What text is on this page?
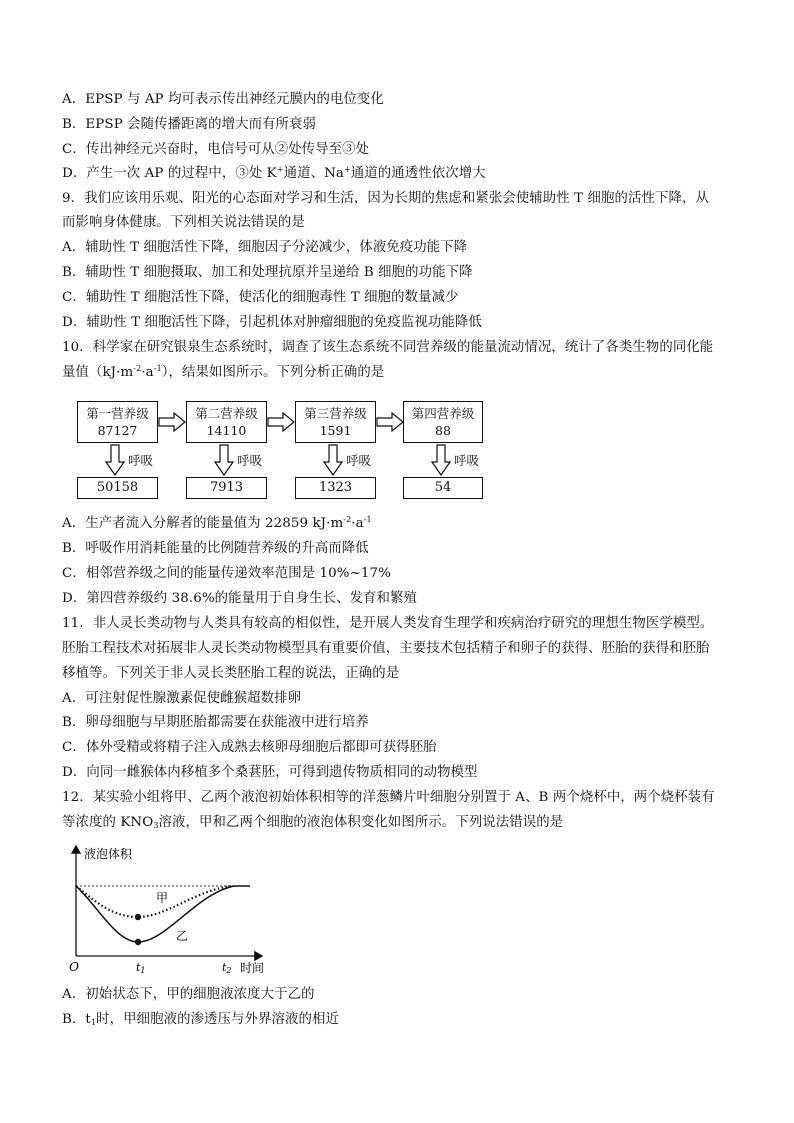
A．EPSP 与 AP 均可表示传出神经元膜内的电位变化
B．EPSP 会随传播距离的增大而有所衰弱
C．传出神经元兴奋时，电信号可从②处传导至③处
D．产生一次 AP 的过程中，③处 K+通道、Na+通道的通透性依次增大
9．我们应该用乐观、阳光的心态面对学习和生活，因为长期的焦虑和紧张会使辅助性 T 细胞的活性下降，从
而影响身体健康。下列相关说法错误的是
A．辅助性 T 细胞活性下降，细胞因子分泌减少，体液免疫功能下降
B．辅助性 T 细胞摄取、加工和处理抗原并呈递给 B 细胞的功能下降
C．辅助性 T 细胞活性下降，使活化的细胞毒性 T 细胞的数量减少
D．辅助性 T 细胞活性下降，引起机体对肿瘤细胞的免疫监视功能降低
10．科学家在研究银泉生态系统时，调查了该生态系统不同营养级的能量流动情况，统计了各类生物的同化能
量值$(kJ\cdot m^{-2}\cdot a^{-1})$，结果如图所示。下列分析正确的是
第一营养级
87127
第二营养级
14110
第三营养级
1591
第四营养级
88
呼吸	呼吸	呼吸	呼吸
50158	7913	1323	54
A．生产者流入分解者的能量值为 22859 $kJ\cdot m^{-2}\cdot a^{-1}$
B．呼吸作用消耗能量的比例随营养级的升高而降低
C．相邻营养级之间的能量传递效率范围是 10%~17%
D．第四营养级约 38.6%的能量用于自身生长、发育和繁殖
11．非人灵长类动物与人类具有较高的相似性，是开展人类发育生理学和疾病治疗研究的理想生物医学模型。
胚胎工程技术对拓展非人灵长类动物模型具有重要价值，主要技术包括精子和卵子的获得、胚胎的获得和胚胎
移植等。下列关于非人灵长类胚胎工程的说法，正确的是
A．可注射促性腺激素促使雌猴超数排卵
B．卵母细胞与早期胚胎都需要在获能液中进行培养
C．体外受精或将精子注入成熟去核卵母细胞后都即可获得胚胎
D．向同一雌猴体内移植多个桑葚胚，可得到遗传物质相同的动物模型
12．某实验小组将甲、乙两个液泡初始体积相等的洋葱鳞片叶细胞分别置于 A、B 两个烧杯中，两个烧杯装有
等浓度的 $KNO_3$溶液，甲和乙两个细胞的液泡体积变化如图所示。下列说法错误的是
液泡体积
O
甲
乙
t1	t2 时间
A．初始状态下，甲的细胞液浓度大于乙的
B．$t_1$时，甲细胞液的渗透压与外界溶液的相近
